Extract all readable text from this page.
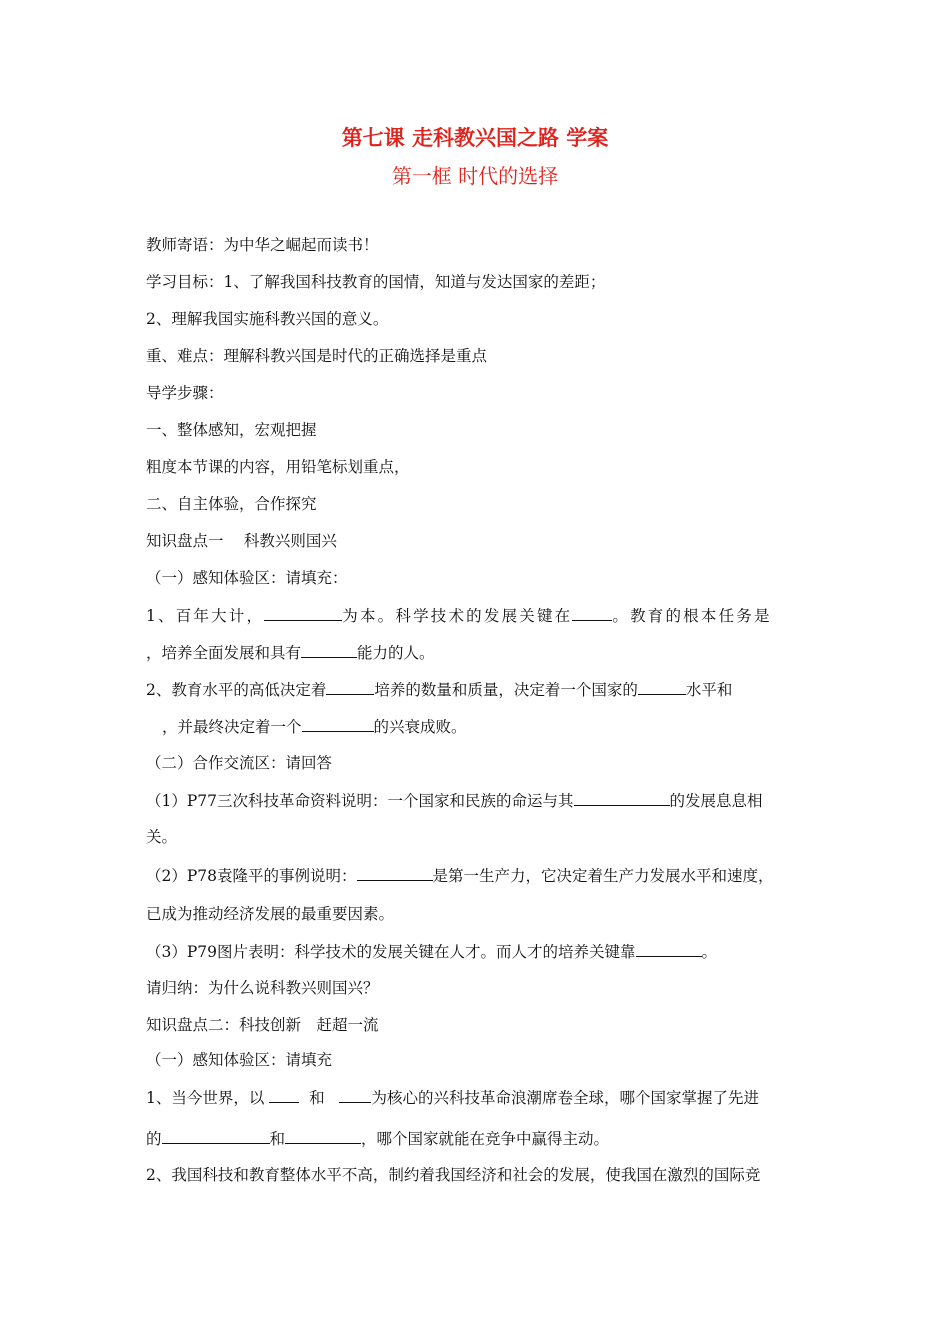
第七课 走科教兴国之路 学案
第一框 时代的选择
教师寄语：为中华之崛起而读书！
学习目标：1、了解我国科技教育的国情，知道与发达国家的差距；
2、理解我国实施科教兴国的意义。
重、难点：理解科教兴国是时代的正确选择是重点
导学步骤：
一、整体感知，宏观把握
粗度本节课的内容，用铅笔标划重点，
二、自主体验，合作探究
知识盘点一　 科教兴则国兴
（一）感知体验区：请填充：
1、百年大计，	为本。科学技术的发展关键在	。教育的根本任务是
，培养全面发展和具有	能力的人。
2、教育水平的高低决定着	培养的数量和质量，决定着一个国家的	水平和
，并最终决定着一个	的兴衰成败。
（二）合作交流区：请回答
（1）P77三次科技革命资料说明：一个国家和民族的命运与其	的发展息息相
关。
（2）P78袁隆平的事例说明：	是第一生产力，它决定着生产力发展水平和速度，
已成为推动经济发展的最重要因素。
（3）P79图片表明：科学技术的发展关键在人才。而人才的培养关键靠	。
请归纳：为什么说科教兴则国兴？
知识盘点二：科技创新　赶超一流
（一）感知体验区：请填充
1、当今世界，以	和	为核心的兴科技革命浪潮席卷全球，哪个国家掌握了先进
的	和	，哪个国家就能在竞争中赢得主动。
2、我国科技和教育整体水平不高，制约着我国经济和社会的发展，使我国在激烈的国际竞
